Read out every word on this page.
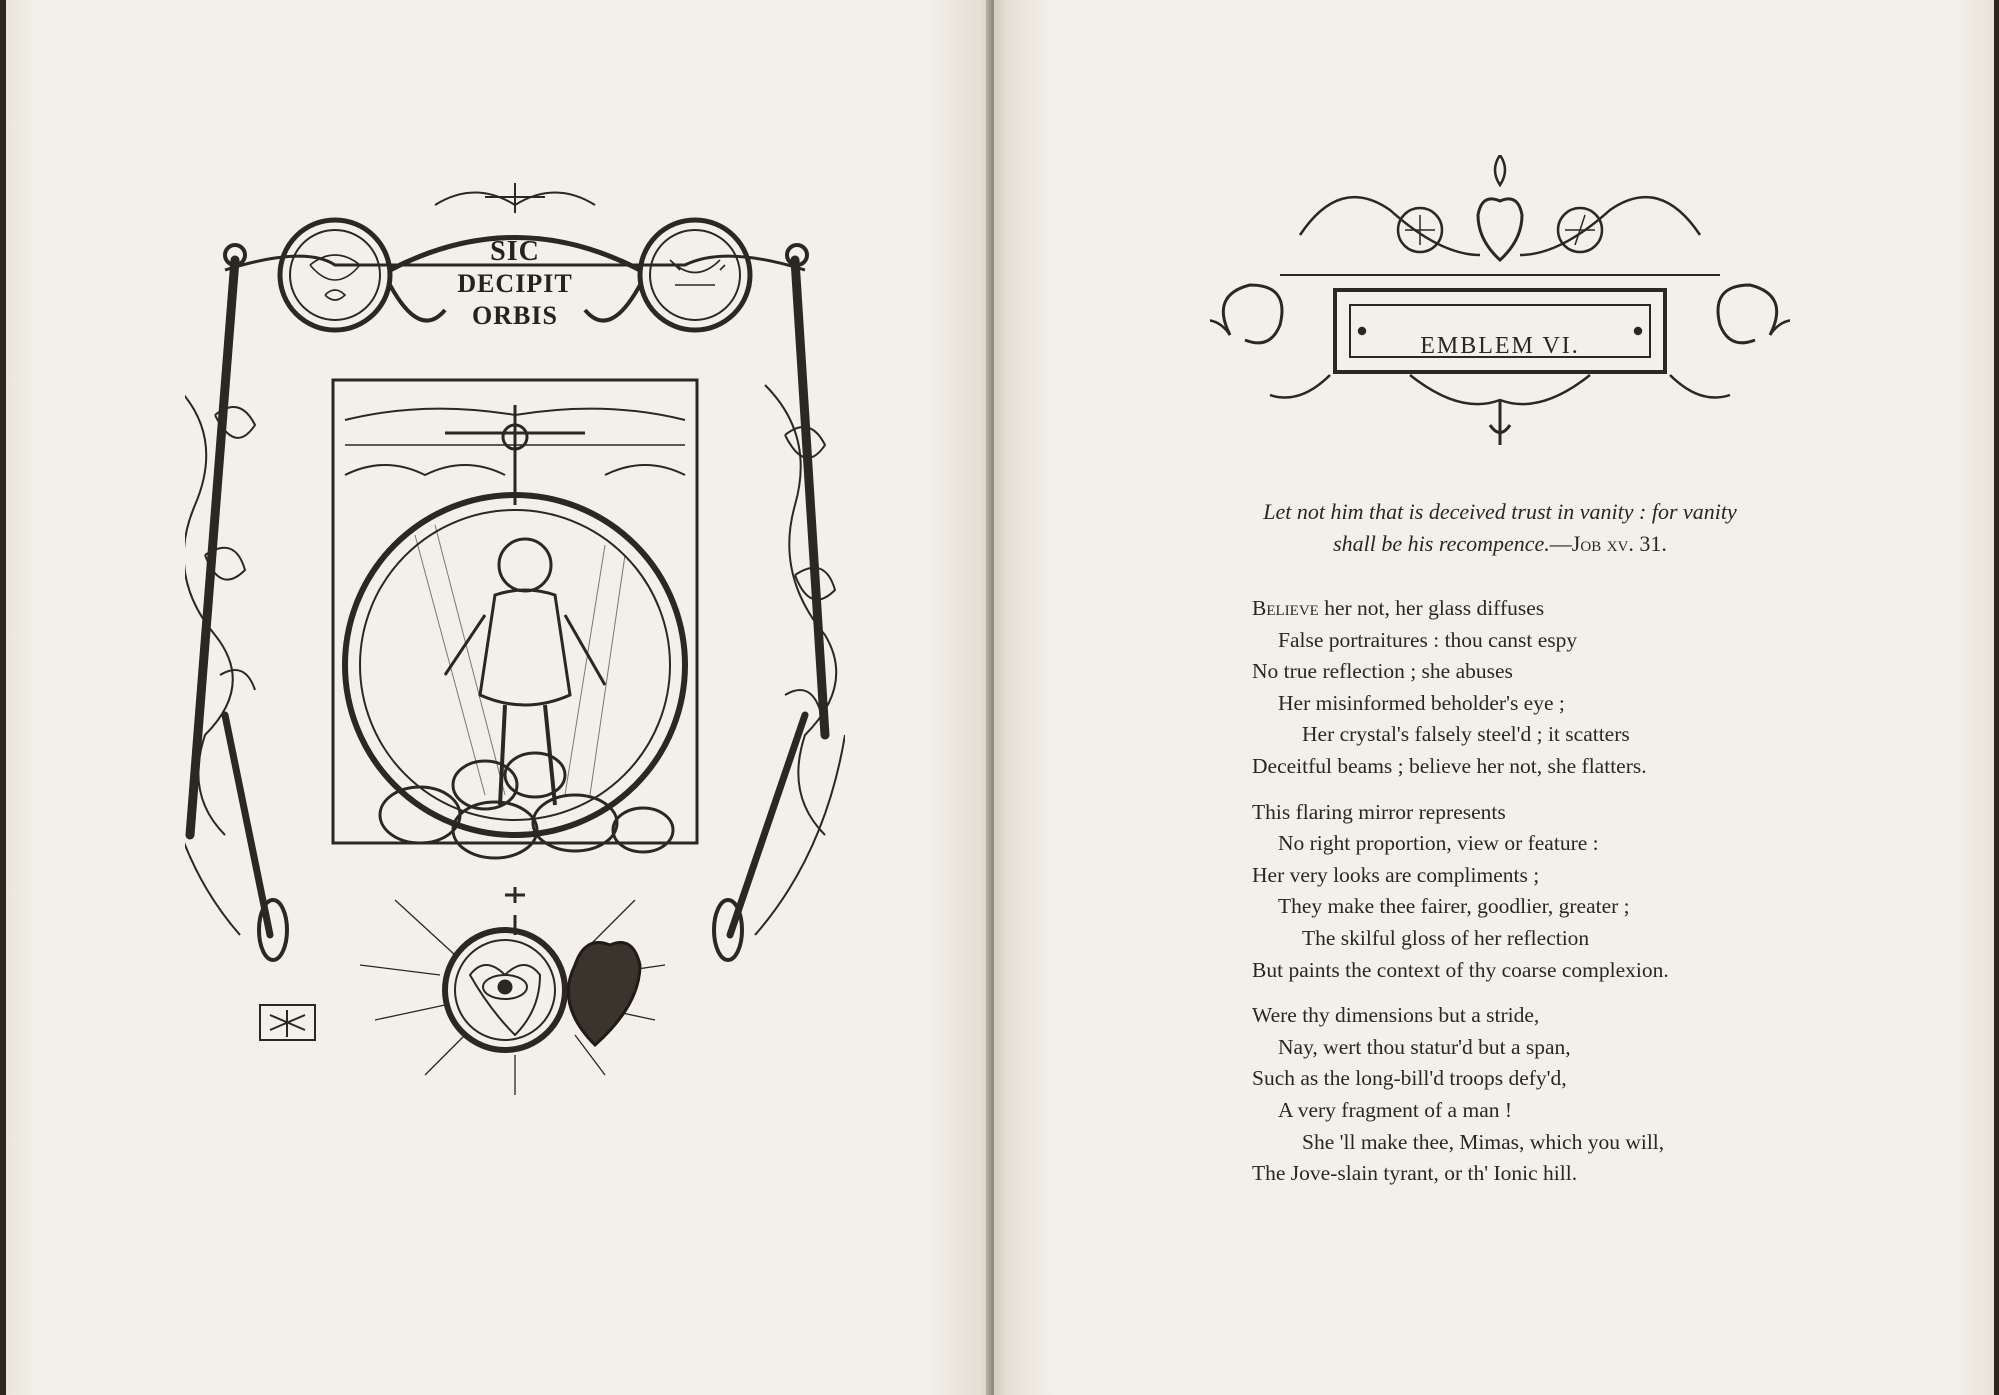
SIC
DECIPIT
ORBIS
EMBLEM VI.
Let not him that is deceived trust in vanity : for vanity
shall be his recompence.—Job xv. 31.
Believe her not, her glass diffuses
False portraitures : thou canst espy
No true reflection ; she abuses
Her misinformed beholder's eye ;
Her crystal's falsely steel'd ; it scatters
Deceitful beams ; believe her not, she flatters.
This flaring mirror represents
No right proportion, view or feature :
Her very looks are compliments ;
They make thee fairer, goodlier, greater ;
The skilful gloss of her reflection
But paints the context of thy coarse complexion.
Were thy dimensions but a stride,
Nay, wert thou statur'd but a span,
Such as the long-bill'd troops defy'd,
A very fragment of a man !
She 'll make thee, Mimas, which you will,
The Jove-slain tyrant, or th' Ionic hill.
